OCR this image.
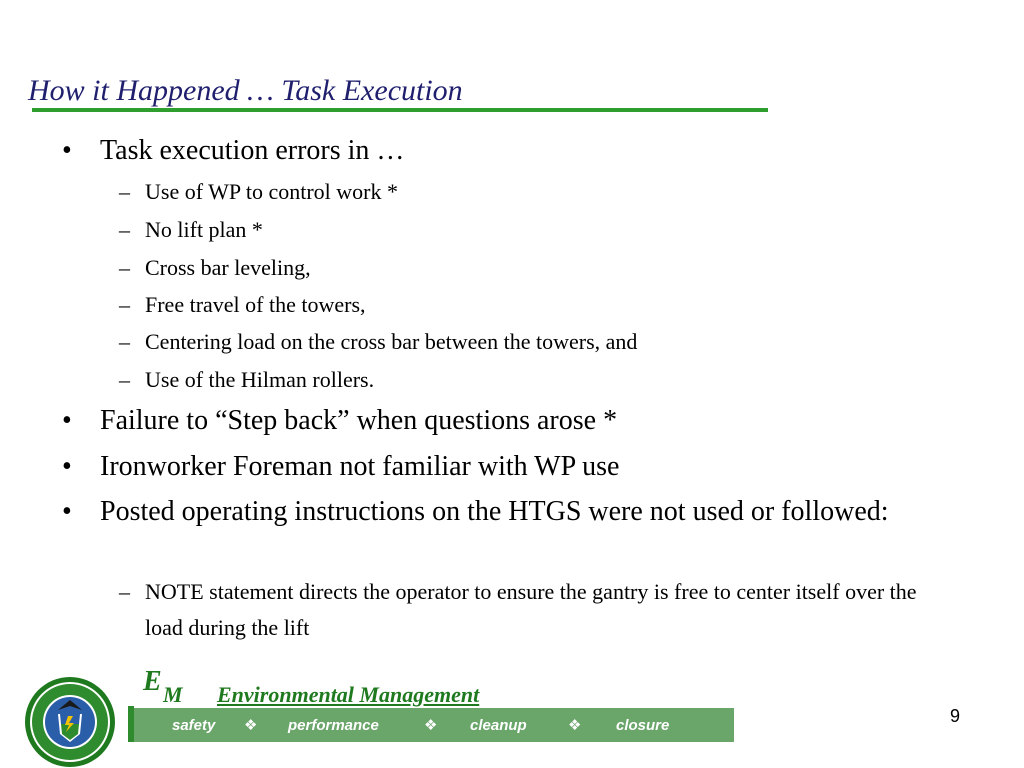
How it Happened … Task Execution
• Task execution errors in …
– Use of WP to control work *
– No lift plan *
– Cross bar leveling,
– Free travel of the towers,
– Centering load on the cross bar between the towers, and
– Use of the Hilman rollers.
• Failure to “Step back” when questions arose *
• Ironworker Foreman not familiar with WP use
• Posted operating instructions on the HTGS were not used or followed:
– NOTE statement directs the operator to ensure the gantry is free to center itself over the load during the lift
E M Environmental Management
safety ❖ performance	❖ cleanup	❖ closure	9
